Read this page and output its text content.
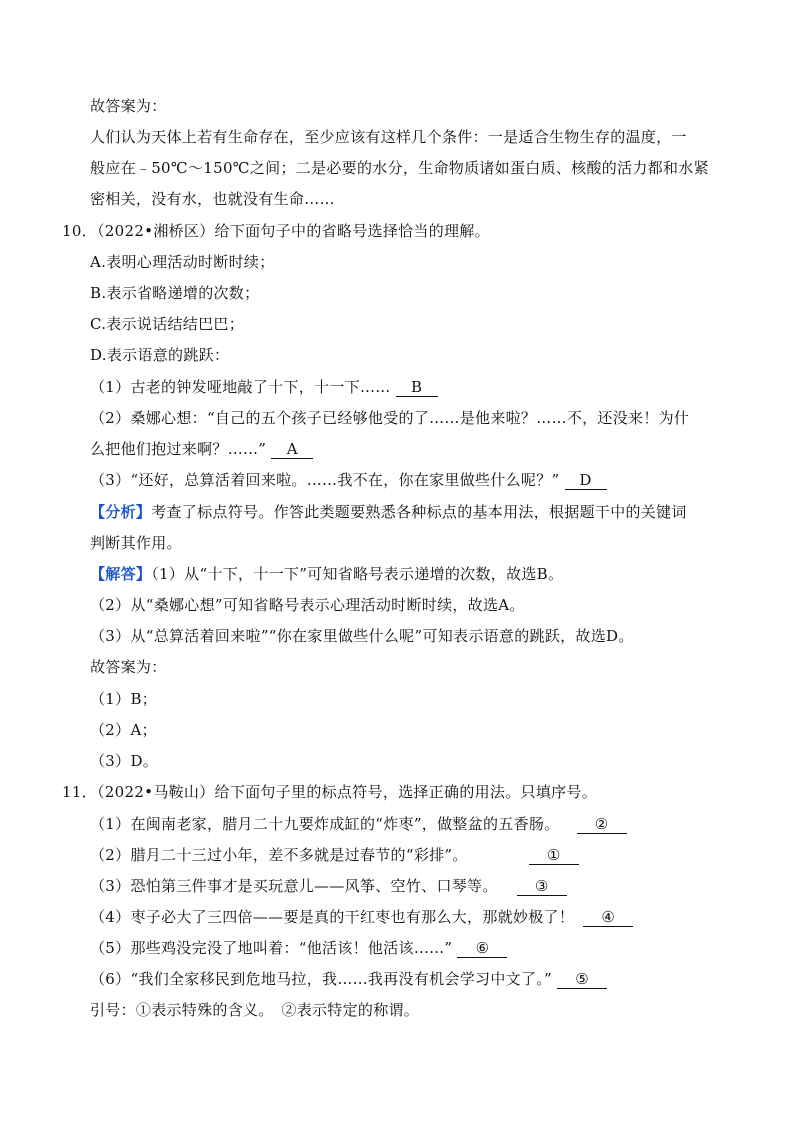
故答案为：
人们认为天体上若有生命存在，至少应该有这样几个条件：一是适合生物生存的温度，一
般应在﹣50℃～150℃之间；二是必要的水分，生命物质诸如蛋白质、核酸的活力都和水紧
密相关，没有水，也就没有生命……
10．（2022•湘桥区）给下面句子中的省略号选择恰当的理解。
A.表明心理活动时断时续；
B.表示省略递增的次数；
C.表示说话结结巴巴；
D.表示语意的跳跃：
（1）古老的钟发哑地敲了十下，十一下…… B
（2）桑娜心想：“自己的五个孩子已经够他受的了……是他来啦？……不，还没来！为什
么把他们抱过来啊？……” A
（3）“还好，总算活着回来啦。……我不在，你在家里做些什么呢？” D
【分析】考查了标点符号。作答此类题要熟悉各种标点的基本用法，根据题干中的关键词
判断其作用。
【解答】（1）从“十下，十一下”可知省略号表示递增的次数，故选B。
（2）从“桑娜心想”可知省略号表示心理活动时断时续，故选A。
（3）从“总算活着回来啦”“你在家里做些什么呢”可知表示语意的跳跃，故选D。
故答案为：
（1）B；
（2）A；
（3）D。
11．（2022•马鞍山）给下面句子里的标点符号，选择正确的用法。只填序号。
（1）在闽南老家，腊月二十九要炸成缸的“炸枣”，做整盆的五香肠。 ②
（2）腊月二十三过小年，差不多就是过春节的“彩排”。	①
（3）恐怕第三件事才是买玩意儿——风筝、空竹、口琴等。 ③
（4）枣子必大了三四倍——要是真的干红枣也有那么大，那就妙极了！ ④
（5）那些鸡没完没了地叫着：“他活该！他活该……” ⑥
（6）“我们全家移民到危地马拉，我……我再没有机会学习中文了。” ⑤
引号：①表示特殊的含义。　②表示特定的称谓。
